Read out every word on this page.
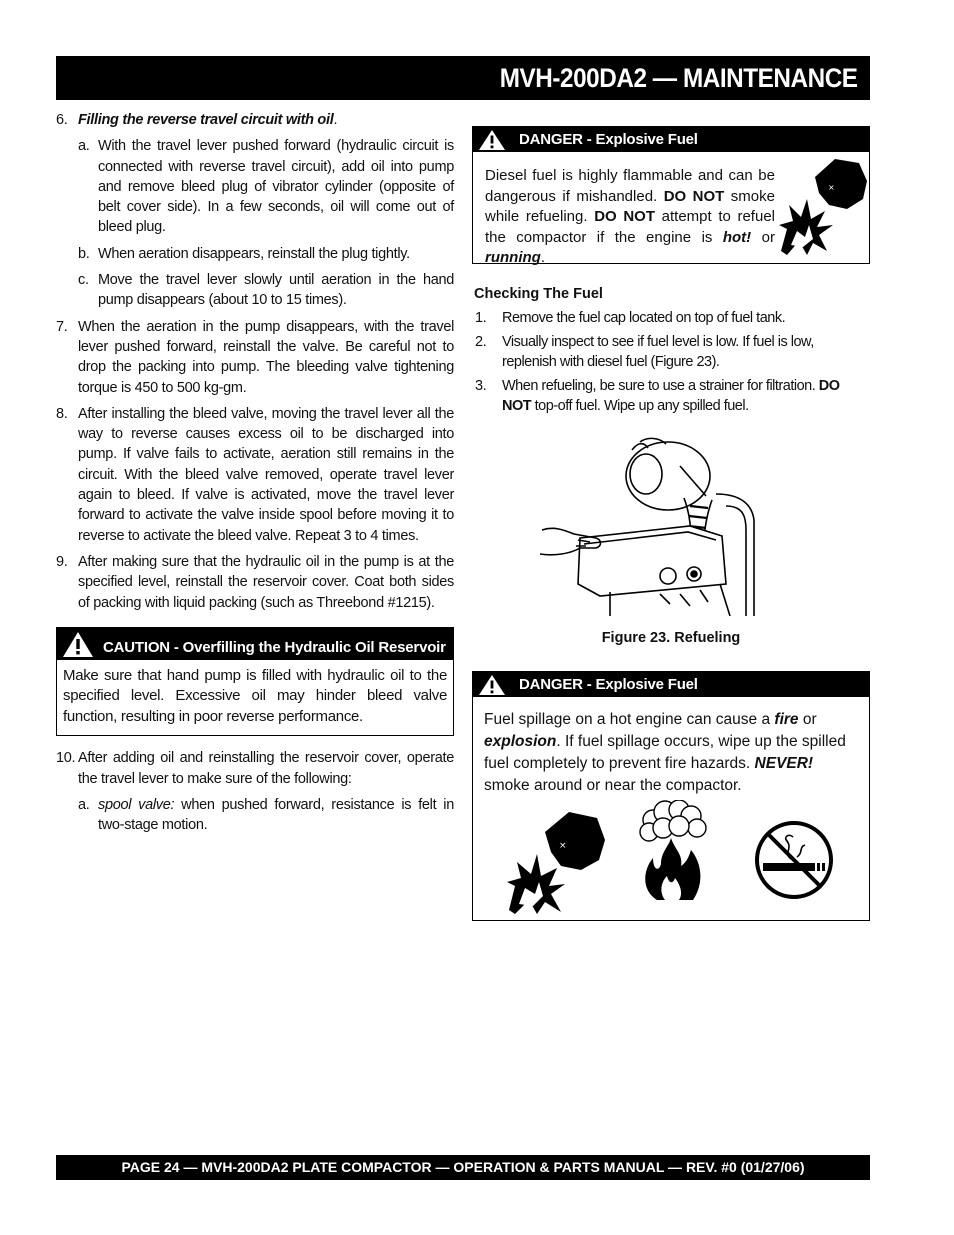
MVH-200DA2 — MAINTENANCE
6. Filling the reverse travel circuit with oil.
a. With the travel lever pushed forward (hydraulic circuit is connected with reverse travel circuit), add oil into pump and remove bleed plug of vibrator cylinder (opposite of belt cover side). In a few seconds, oil will come out of bleed plug.
b. When aeration disappears, reinstall the plug tightly.
c. Move the travel lever slowly until aeration in the hand pump disappears (about 10 to 15 times).
7. When the aeration in the pump disappears, with the travel lever pushed forward, reinstall the valve. Be careful not to drop the packing into pump. The bleeding valve tightening torque is 450 to 500 kg-gm.
8. After installing the bleed valve, moving the travel lever all the way to reverse causes excess oil to be discharged into pump. If valve fails to activate, aeration still remains in the circuit. With the bleed valve removed, operate travel lever again to bleed. If valve is activated, move the travel lever forward to activate the valve inside spool before moving it to reverse to activate the bleed valve. Repeat 3 to 4 times.
9. After making sure that the hydraulic oil in the pump is at the specified level, reinstall the reservoir cover. Coat both sides of packing with liquid packing (such as Threebond #1215).
CAUTION - Overfilling the Hydraulic Oil Reservoir
Make sure that hand pump is filled with hydraulic oil to the specified level. Excessive oil may hinder bleed valve function, resulting in poor reverse performance.
10. After adding oil and reinstalling the reservoir cover, operate the travel lever to make sure of the following:
a. spool valve: when pushed forward, resistance is felt in two-stage motion.
DANGER - Explosive Fuel
Diesel fuel is highly flammable and can be dangerous if mishandled. DO NOT smoke while refueling. DO NOT attempt to refuel the compactor if the engine is hot! or running.
×
Checking The Fuel
1. Remove the fuel cap located on top of fuel tank.
2. Visually inspect to see if fuel level is low. If fuel is low, replenish with diesel fuel (Figure 23).
3. When refueling, be sure to use a strainer for filtration. DO NOT top-off fuel. Wipe up any spilled fuel.
Figure 23. Refueling
DANGER - Explosive Fuel
Fuel spillage on a hot engine can cause a fire or explosion. If fuel spillage occurs, wipe up the spilled fuel completely to prevent fire hazards. NEVER! smoke around or near the compactor.
×
PAGE 24 — MVH-200DA2 PLATE COMPACTOR — OPERATION & PARTS MANUAL — REV. #0 (01/27/06)
